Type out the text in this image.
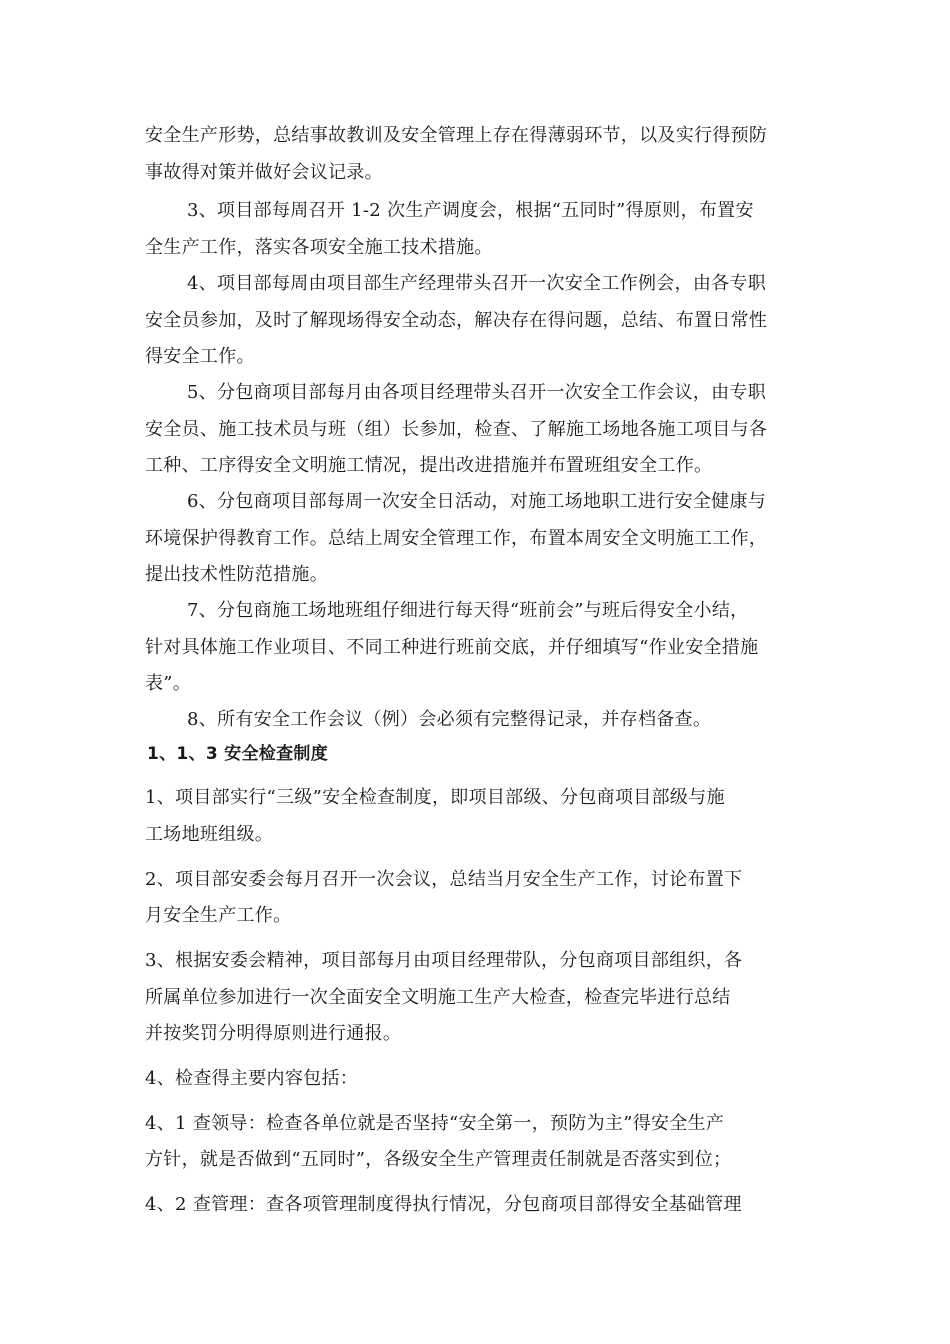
安全生产形势，总结事故教训及安全管理上存在得薄弱环节，以及实行得预防
事故得对策并做好会议记录。
3、项目部每周召开 1-2 次生产调度会，根据“五同时”得原则，布置安
全生产工作，落实各项安全施工技术措施。
4、项目部每周由项目部生产经理带头召开一次安全工作例会，由各专职
安全员参加，及时了解现场得安全动态，解决存在得问题，总结、布置日常性
得安全工作。
5、分包商项目部每月由各项目经理带头召开一次安全工作会议，由专职
安全员、施工技术员与班（组）长参加，检查、了解施工场地各施工项目与各
工种、工序得安全文明施工情况，提出改进措施并布置班组安全工作。
6、分包商项目部每周一次安全日活动，对施工场地职工进行安全健康与
环境保护得教育工作。总结上周安全管理工作，布置本周安全文明施工工作，
提出技术性防范措施。
7、分包商施工场地班组仔细进行每天得“班前会”与班后得安全小结，
针对具体施工作业项目、不同工种进行班前交底，并仔细填写“作业安全措施
表”。
8、所有安全工作会议（例）会必须有完整得记录，并存档备查。
1、1、3 安全检查制度
1、项目部实行“三级”安全检查制度，即项目部级、分包商项目部级与施
工场地班组级。
2、项目部安委会每月召开一次会议，总结当月安全生产工作，讨论布置下
月安全生产工作。
3、根据安委会精神，项目部每月由项目经理带队，分包商项目部组织，各
所属单位参加进行一次全面安全文明施工生产大检查，检查完毕进行总结
并按奖罚分明得原则进行通报。
4、检查得主要内容包括：
4、1 查领导：检查各单位就是否坚持“安全第一，预防为主”得安全生产
方针，就是否做到“五同时”，各级安全生产管理责任制就是否落实到位；
4、2 查管理：查各项管理制度得执行情况，分包商项目部得安全基础管理
